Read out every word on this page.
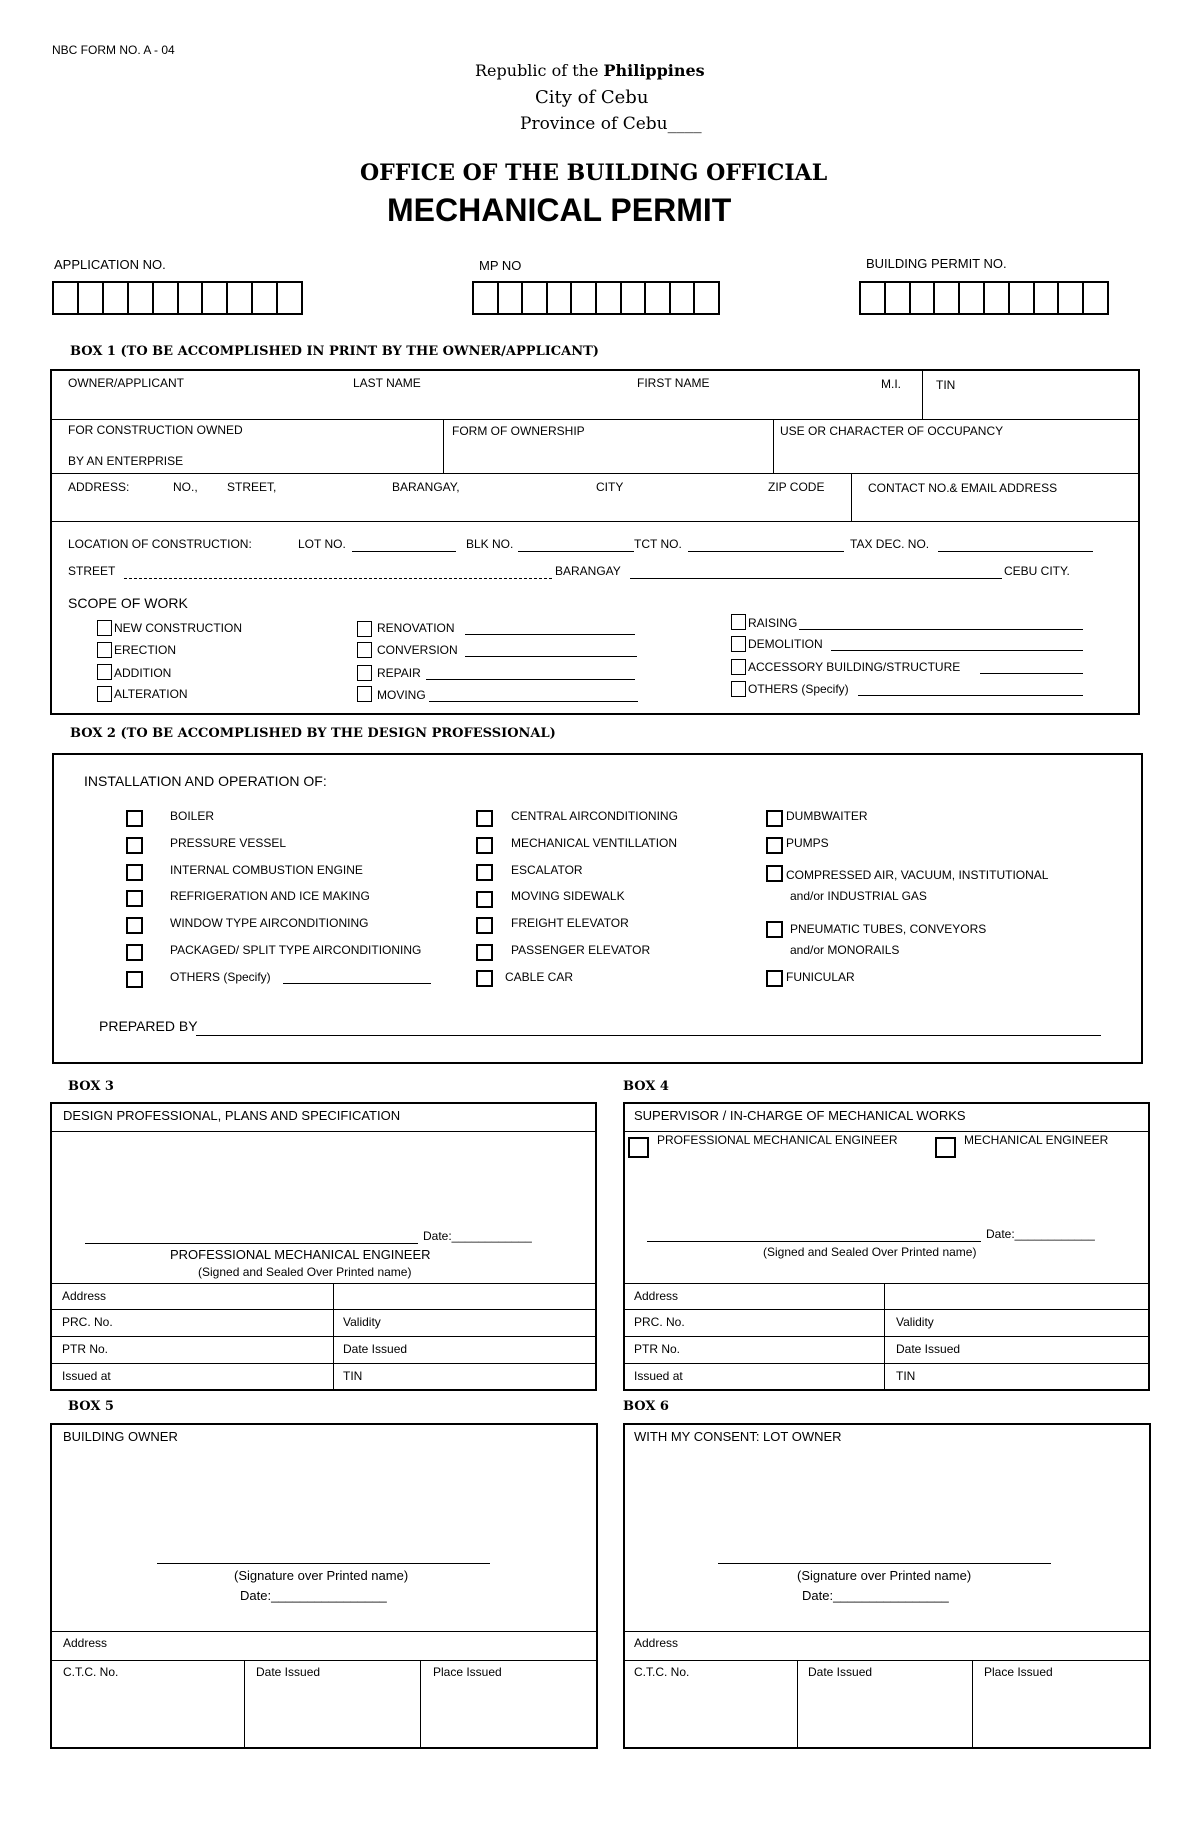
NBC FORM NO. A - 04
Republic of the Philippines
City of Cebu
Province of Cebu____
OFFICE OF THE BUILDING OFFICIAL
MECHANICAL PERMIT
APPLICATION NO.	MP NO	BUILDING PERMIT NO.
BOX 1 (TO BE ACCOMPLISHED IN PRINT BY THE OWNER/APPLICANT)
OWNER/APPLICANT	LAST NAME	FIRST NAME	M.I.	TIN
FOR CONSTRUCTION OWNED
BY AN ENTERPRISE
FORM OF OWNERSHIP	USE OR CHARACTER OF OCCUPANCY
ADDRESS:	NO., STREET,	BARANGAY,	CITY	ZIP CODE	CONTACT NO.& EMAIL ADDRESS
LOCATION OF CONSTRUCTION:	LOT NO.	BLK NO.	TCT NO.	TAX DEC. NO.
STREET	BARANGAY	CEBU CITY.
SCOPE OF WORK
NEW CONSTRUCTION
ERECTION
ADDITION
ALTERATION
RENOVATION
CONVERSION
REPAIR
MOVING
RAISING
DEMOLITION
ACCESSORY BUILDING/STRUCTURE
OTHERS (Specify)
BOX 2 (TO BE ACCOMPLISHED BY THE DESIGN PROFESSIONAL)
INSTALLATION AND OPERATION OF:
BOILER
PRESSURE VESSEL
INTERNAL COMBUSTION ENGINE
REFRIGERATION AND ICE MAKING
WINDOW TYPE AIRCONDITIONING
PACKAGED/ SPLIT TYPE AIRCONDITIONING
OTHERS (Specify)
CENTRAL AIRCONDITIONING
MECHANICAL VENTILLATION
ESCALATOR
MOVING SIDEWALK
FREIGHT ELEVATOR
PASSENGER ELEVATOR
CABLE CAR
DUMBWAITER
PUMPS
COMPRESSED AIR, VACUUM, INSTITUTIONAL
and/or INDUSTRIAL GAS
PNEUMATIC TUBES, CONVEYORS
and/or MONORAILS
FUNICULAR
PREPARED BY
BOX 3
DESIGN PROFESSIONAL, PLANS AND SPECIFICATION
Date:____________
PROFESSIONAL MECHANICAL ENGINEER
(Signed and Sealed Over Printed name)
Address
PRC. No.	Validity
PTR No.	Date Issued
Issued at	TIN
BOX 4
SUPERVISOR / IN-CHARGE OF MECHANICAL WORKS
PROFESSIONAL MECHANICAL ENGINEER	MECHANICAL ENGINEER
Date:____________
(Signed and Sealed Over Printed name)
Address
PRC. No.	Validity
PTR No.	Date Issued
Issued at	TIN
BOX 5
BUILDING OWNER
(Signature over Printed name)
Date:________________
Address
C.T.C. No.	Date Issued	Place Issued
BOX 6
WITH MY CONSENT: LOT OWNER
(Signature over Printed name)
Date:________________
Address
C.T.C. No.	Date Issued	Place Issued
